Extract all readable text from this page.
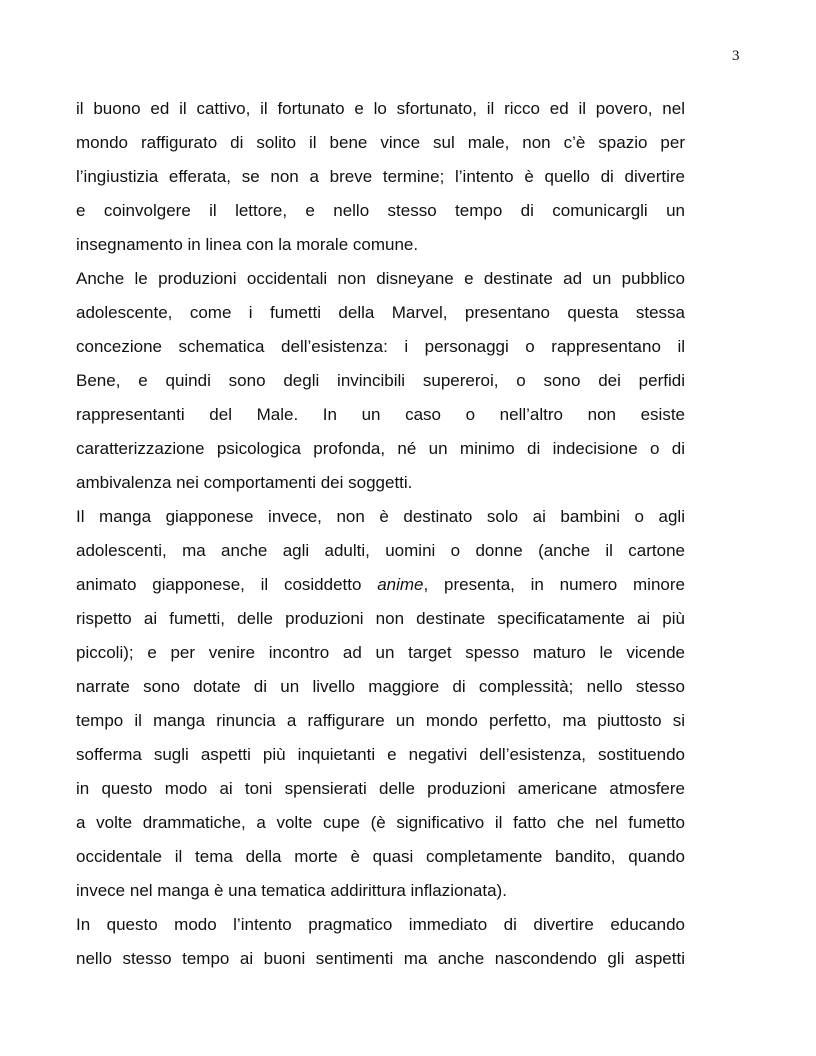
3
il buono ed il cattivo, il fortunato e lo sfortunato, il ricco ed il povero, nel
mondo raffigurato di solito il bene vince sul male, non c’è spazio per
l’ingiustizia efferata, se non a breve termine; l’intento è quello di divertire
e coinvolgere il lettore, e nello stesso tempo di comunicargli un
insegnamento in linea con la morale comune.
Anche le produzioni occidentali non disneyane e destinate ad un pubblico
adolescente, come i fumetti della Marvel, presentano questa stessa
concezione schematica dell’esistenza: i personaggi o rappresentano il
Bene, e quindi sono degli invincibili supereroi, o sono dei perfidi
rappresentanti del Male. In un caso o nell’altro non esiste
caratterizzazione psicologica profonda, né un minimo di indecisione o di
ambivalenza nei comportamenti dei soggetti.
Il manga giapponese invece, non è destinato solo ai bambini o agli
adolescenti, ma anche agli adulti, uomini o donne (anche il cartone
animato giapponese, il cosiddetto anime, presenta, in numero minore
rispetto ai fumetti, delle produzioni non destinate specificatamente ai più
piccoli); e per venire incontro ad un target spesso maturo le vicende
narrate sono dotate di un livello maggiore di complessità; nello stesso
tempo il manga rinuncia a raffigurare un mondo perfetto, ma piuttosto si
sofferma sugli aspetti più inquietanti e negativi dell’esistenza, sostituendo
in questo modo ai toni spensierati delle produzioni americane atmosfere
a volte drammatiche, a volte cupe (è significativo il fatto che nel fumetto
occidentale il tema della morte è quasi completamente bandito, quando
invece nel manga è una tematica addirittura inflazionata).
In questo modo l’intento pragmatico immediato di divertire educando
nello stesso tempo ai buoni sentimenti ma anche nascondendo gli aspetti
